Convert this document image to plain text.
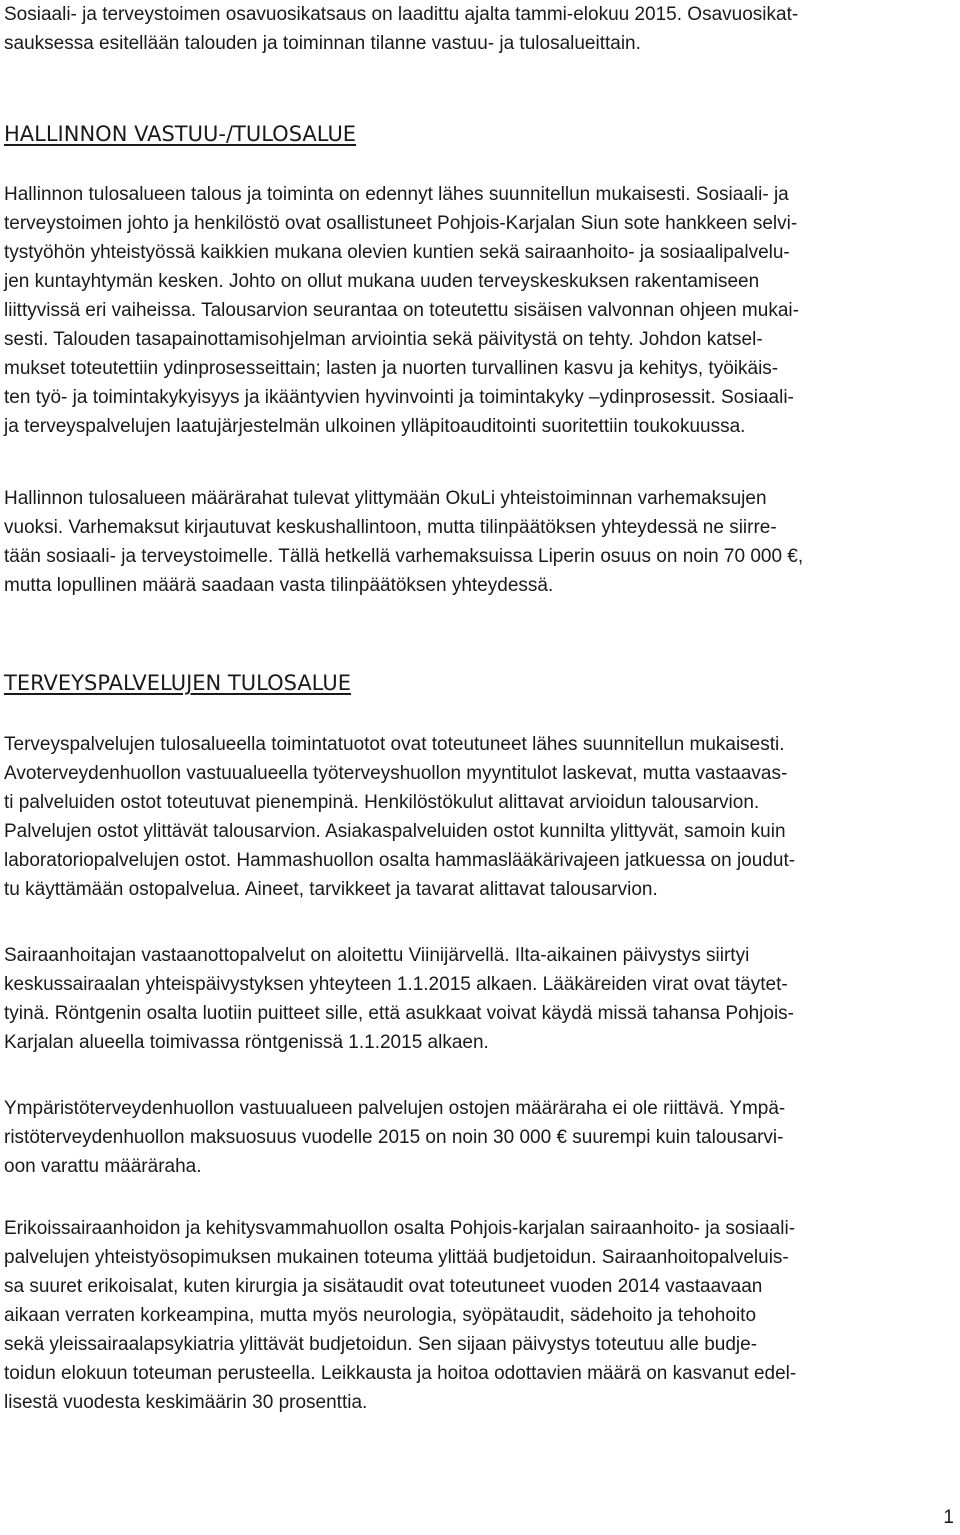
Sosiaali- ja terveystoimen osavuosikatsaus on laadittu ajalta tammi-elokuu 2015. Osavuosikat-
sauksessa esitellään talouden ja toiminnan tilanne vastuu- ja tulosalueittain.
HALLINNON VASTUU-/TULOSALUE
Hallinnon tulosalueen talous ja toiminta on edennyt lähes suunnitellun mukaisesti. Sosiaali- ja
terveystoimen johto ja henkilöstö ovat osallistuneet Pohjois-Karjalan Siun sote hankkeen selvi-
tystyöhön yhteistyössä kaikkien mukana olevien kuntien sekä sairaanhoito- ja sosiaalipalvelu-
jen kuntayhtymän kesken. Johto on ollut mukana uuden terveyskeskuksen rakentamiseen
liittyvissä eri vaiheissa. Talousarvion seurantaa on toteutettu sisäisen valvonnan ohjeen mukai-
sesti. Talouden tasapainottamisohjelman arviointia sekä päivitystä on tehty. Johdon katsel-
mukset toteutettiin ydinprosesseittain; lasten ja nuorten turvallinen kasvu ja kehitys, työikäis-
ten työ- ja toimintakykyisyys ja ikääntyvien hyvinvointi ja toimintakyky –ydinprosessit. Sosiaali-
ja terveyspalvelujen laatujärjestelmän ulkoinen ylläpitoauditointi suoritettiin toukokuussa.
Hallinnon tulosalueen määrärahat tulevat ylittymään OkuLi yhteistoiminnan varhemaksujen
vuoksi. Varhemaksut kirjautuvat keskushallintoon, mutta tilinpäätöksen yhteydessä ne siirre-
tään sosiaali- ja terveystoimelle. Tällä hetkellä varhemaksuissa Liperin osuus on noin 70 000 €,
mutta lopullinen määrä saadaan vasta tilinpäätöksen yhteydessä.
TERVEYSPALVELUJEN TULOSALUE
Terveyspalvelujen tulosalueella toimintatuotot ovat toteutuneet lähes suunnitellun mukaisesti.
Avoterveydenhuollon vastuualueella työterveyshuollon myyntitulot laskevat, mutta vastaavas-
ti palveluiden ostot toteutuvat pienempinä. Henkilöstökulut alittavat arvioidun talousarvion.
Palvelujen ostot ylittävät talousarvion. Asiakaspalveluiden ostot kunnilta ylittyvät, samoin kuin
laboratoriopalvelujen ostot. Hammashuollon osalta hammaslääkärivajeen jatkuessa on joudut-
tu käyttämään ostopalvelua. Aineet, tarvikkeet ja tavarat alittavat talousarvion.
Sairaanhoitajan vastaanottopalvelut on aloitettu Viinijärvellä. Ilta-aikainen päivystys siirtyi
keskussairaalan yhteispäivystyksen yhteyteen 1.1.2015 alkaen. Lääkäreiden virat ovat täytet-
tyinä. Röntgenin osalta luotiin puitteet sille, että asukkaat voivat käydä missä tahansa Pohjois-
Karjalan alueella toimivassa röntgenissä 1.1.2015 alkaen.
Ympäristöterveydenhuollon vastuualueen palvelujen ostojen määräraha ei ole riittävä. Ympä-
ristöterveydenhuollon maksuosuus vuodelle 2015 on noin 30 000 € suurempi kuin talousarvi-
oon varattu määräraha.
Erikoissairaanhoidon ja kehitysvammahuollon osalta Pohjois-karjalan sairaanhoito- ja sosiaali-
palvelujen yhteistyösopimuksen mukainen toteuma ylittää budjetoidun. Sairaanhoitopalveluis-
sa suuret erikoisalat, kuten kirurgia ja sisätaudit ovat toteutuneet vuoden 2014 vastaavaan
aikaan verraten korkeampina, mutta myös neurologia, syöpätaudit, sädehoito ja tehohoito
sekä yleissairaalapsykiatria ylittävät budjetoidun. Sen sijaan päivystys toteutuu alle budje-
toidun elokuun toteuman perusteella. Leikkausta ja hoitoa odottavien määrä on kasvanut edel-
lisestä vuodesta keskimäärin 30 prosenttia.
1
